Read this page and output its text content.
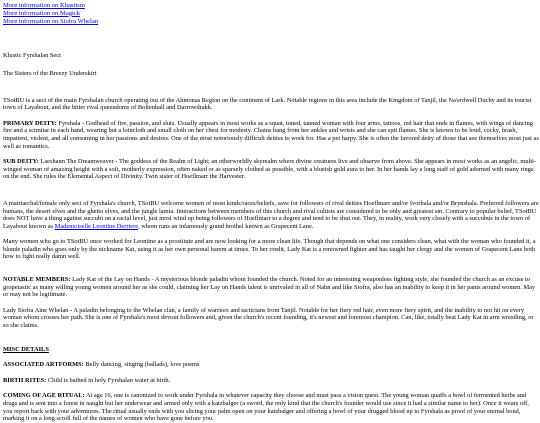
More information on Khastism
More information on Magick
More information on Siofra Whelan

Klustic Fyrshalan Sect

The Sisters of the Breezy Underskirt

TSotBU is a sect of the main Fyrshalan church operating out of the Ahmonas Region on the continent of Lark. Notable regions in this area include the Kingdom of Tanjil, the Na'erdwell Duchy and its tourist town of Layabout, and the bitter rival queendoms of Boltenhall and Darrowdrakk.

PRIMARY DEITY: Fyrshala - Godhead of fire, passion, and sluts. Usually appears in most works as a squat, toned, tanned woman with four arms, tattoos, red hair that ends in flames, with wings of dancing fire and a scimitar in each hand, wearing but a loincloth and small cloth on her chest for modesty. Chains hang from her ankles and wrists and she can spit flames. She is known to be loud, cocky, brash, impatient, violent, and all consuming in her passions and desires. One of the most notoriously difficult deities to work for. Has a pet harpy. She is often the favored deity of those that see themselves most just as well as romantics.

SUB DEITY: Laeshann The Dreamweaver - The goddess of the Realm of Light; an otherworldly skyrealm where divine creatures live and observe from above. She appears in most works as an angelic, multi-winged woman of amazing height with a soft, motherly expression, often naked or as sparsely clothed as possible, with a blueish gold aura to her. In her hands lay a long staff of gold adorned with many rings on the end. She rules the Elemental Aspect of Divinity. Twin sister of Hoeflmarr the Harvester.

A matriarchal/female only sect of Fyrshala's church, TSotBU welcome women of most kinds/races/beliefs, save for followers of rival deities Hoeflmarr and/or Ivorhala and/or Brynshala. Preferred followers are humans, the desert elves and the ghetto elves, and the jungle lamia. Interactions between members of this church and rival cultists are considered to be only and greatest sin. Contrary to popular belief, TSotBU does NOT have a thing against succubi on a racial level, just most wind up being followers of Hoeflmarr to a degree and tend to be shut out. They, in reality, work very closely with a succubus in the town of Layabout known as Mademoiselle Leontine Derriere, whom runs an infamously grand brothel known as Grapecent Lane.

Many women who go to TSotBU once worked for Leontine as a prostitute and are now looking for a more clean life. Though that depends on what one considers clean, what with the woman who founded it, a blonde paladin who goes only by the nickname Kat, using it as her own personal harem at times. To her credit, Lady Kat is a renowned fighter and has taught her clergy and the women of Grapecent Lane both how to fight really damn well.

NOTABLE MEMBERS: Lady Kat of the Lay on Hands - A mysterious blonde paladin whom founded the church. Noted for an interesting weaponless fighting style, she founded the church as an excuse to gropetastic as many willing young women around her as she could, claiming her Lay on Hands talent is unrivaled in all of Nahn and like Siofra, also has an inability to keep it in her pants around women. May or may not be legitimate.

Lady Siofra Aine Whelan - A paladin belonging to the Whelan clan, a family of warriors and tacticians from Tanjil. Notable for her fiery red hair, even more fiery spirit, and the inability to not hit on every woman whom crosses her path. She is one of Fyrshala's most devout followers and, given the church's recent founding, it's newest and foremost champion. Can, like, totally beat Lady Kat in arm wrestling, or so she claims.

MISC DETAILS

ASSOCIATED ARTFORMS: Belly dancing, singing (ballads), love poems

BIRTH RITES: Child is bathed in holy Fyrshalan water at birth.

COMING OF AGE RITUAL: At age 16, one is canonized to work under Fyrshala in whatever capacity they choose and must pass a vision quest. The young woman quaffs a bowl of fermented herbs and drugs and is sent into a forest in naught but her underwear and armed only with a katzbalger (a sword, the only kind that the church's founder would use since it had a similar name to her). Once it wears off, you report back with your adventures. The ritual usually ends with you slicing your palm open on your katzbalger and offering a bowl of your drugged blood up to Fyrshala as proof of your eternal bond, marking it on a long scroll full of the names of women who have gone before you.
